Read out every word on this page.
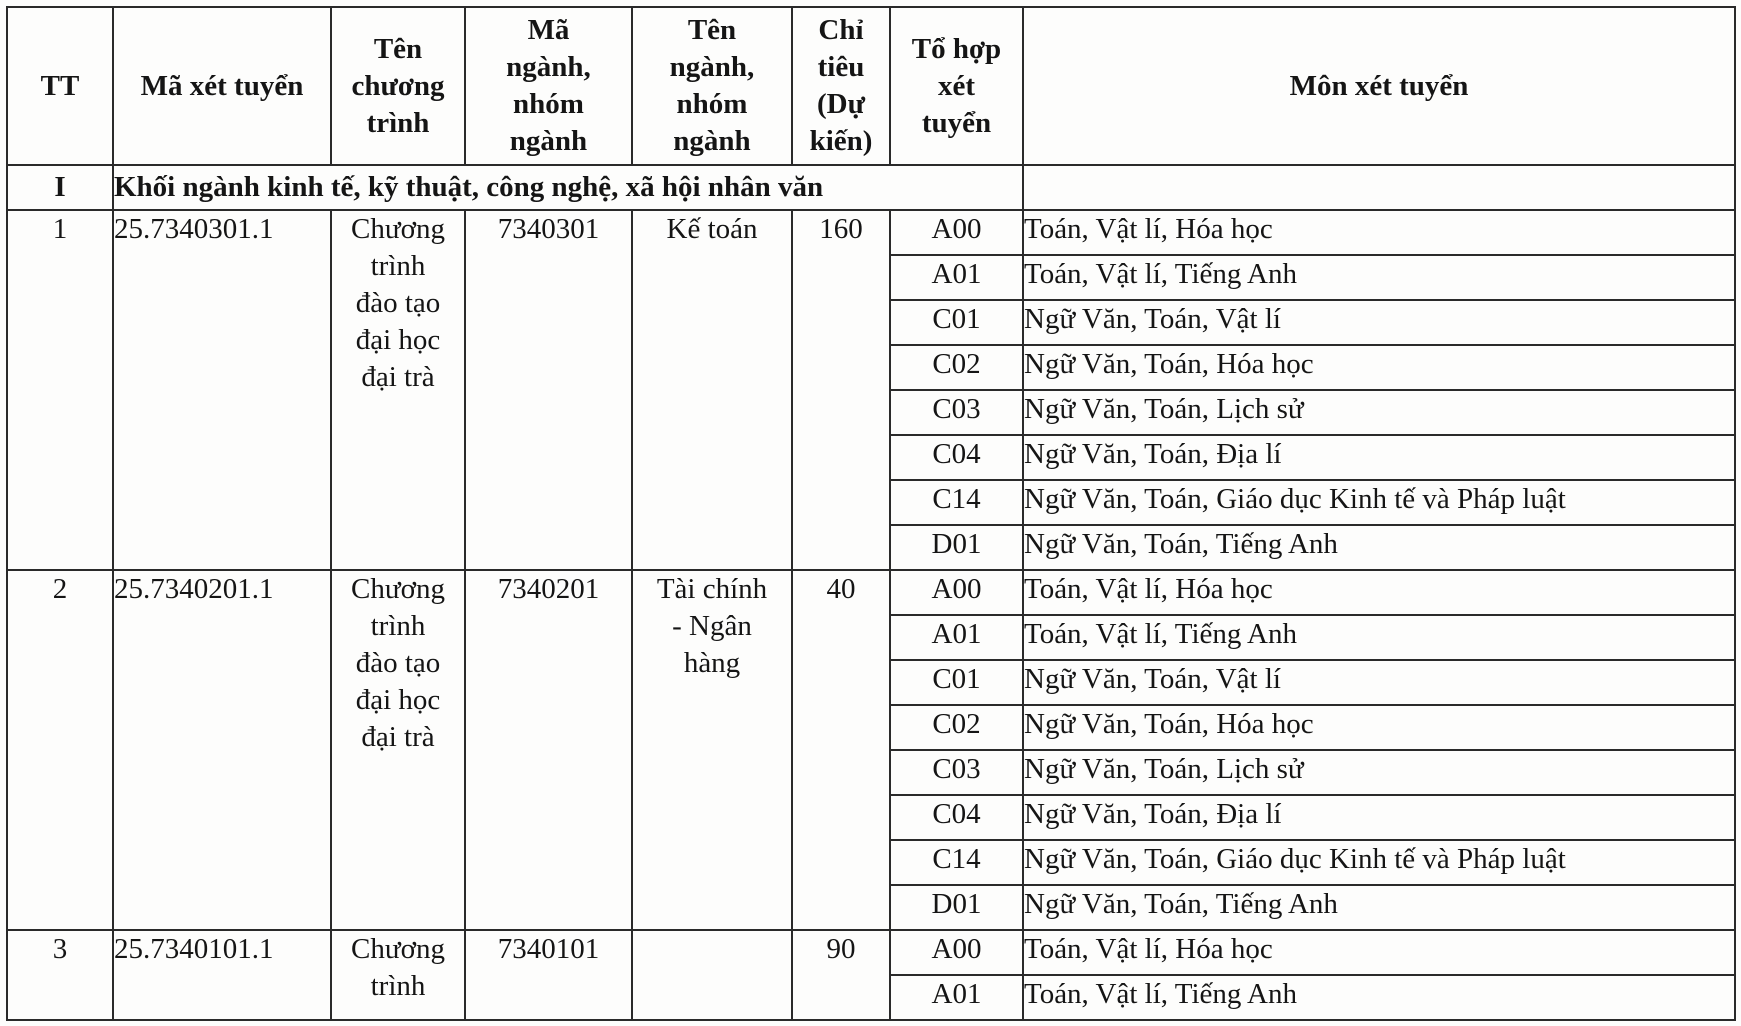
TT	Mã xét tuyển	Tên
chương
trình	Mã
ngành,
nhóm
ngành	Tên
ngành,
nhóm
ngành	Chỉ
tiêu
(Dự
kiến)	Tổ hợp
xét
tuyển	Môn xét tuyển
I	Khối ngành kinh tế, kỹ thuật, công nghệ, xã hội nhân văn						
1	25.7340301.1	Chương
trình
đào tạo
đại học
đại trà	7340301	Kế toán	160	A00	Toán, Vật lí, Hóa học
						A01	Toán, Vật lí, Tiếng Anh
						C01	Ngữ Văn, Toán, Vật lí
						C02	Ngữ Văn, Toán, Hóa học
						C03	Ngữ Văn, Toán, Lịch sử
						C04	Ngữ Văn, Toán, Địa lí
						C14	Ngữ Văn, Toán, Giáo dục Kinh tế và Pháp luật
						D01	Ngữ Văn, Toán, Tiếng Anh
2	25.7340201.1	Chương
trình
đào tạo
đại học
đại trà	7340201	Tài chính
- Ngân
hàng	40	A00	Toán, Vật lí, Hóa học
						A01	Toán, Vật lí, Tiếng Anh
						C01	Ngữ Văn, Toán, Vật lí
						C02	Ngữ Văn, Toán, Hóa học
						C03	Ngữ Văn, Toán, Lịch sử
						C04	Ngữ Văn, Toán, Địa lí
						C14	Ngữ Văn, Toán, Giáo dục Kinh tế và Pháp luật
						D01	Ngữ Văn, Toán, Tiếng Anh
3	25.7340101.1	Chương
trình	7340101		90	A00	Toán, Vật lí, Hóa học
						A01	Toán, Vật lí, Tiếng Anh
